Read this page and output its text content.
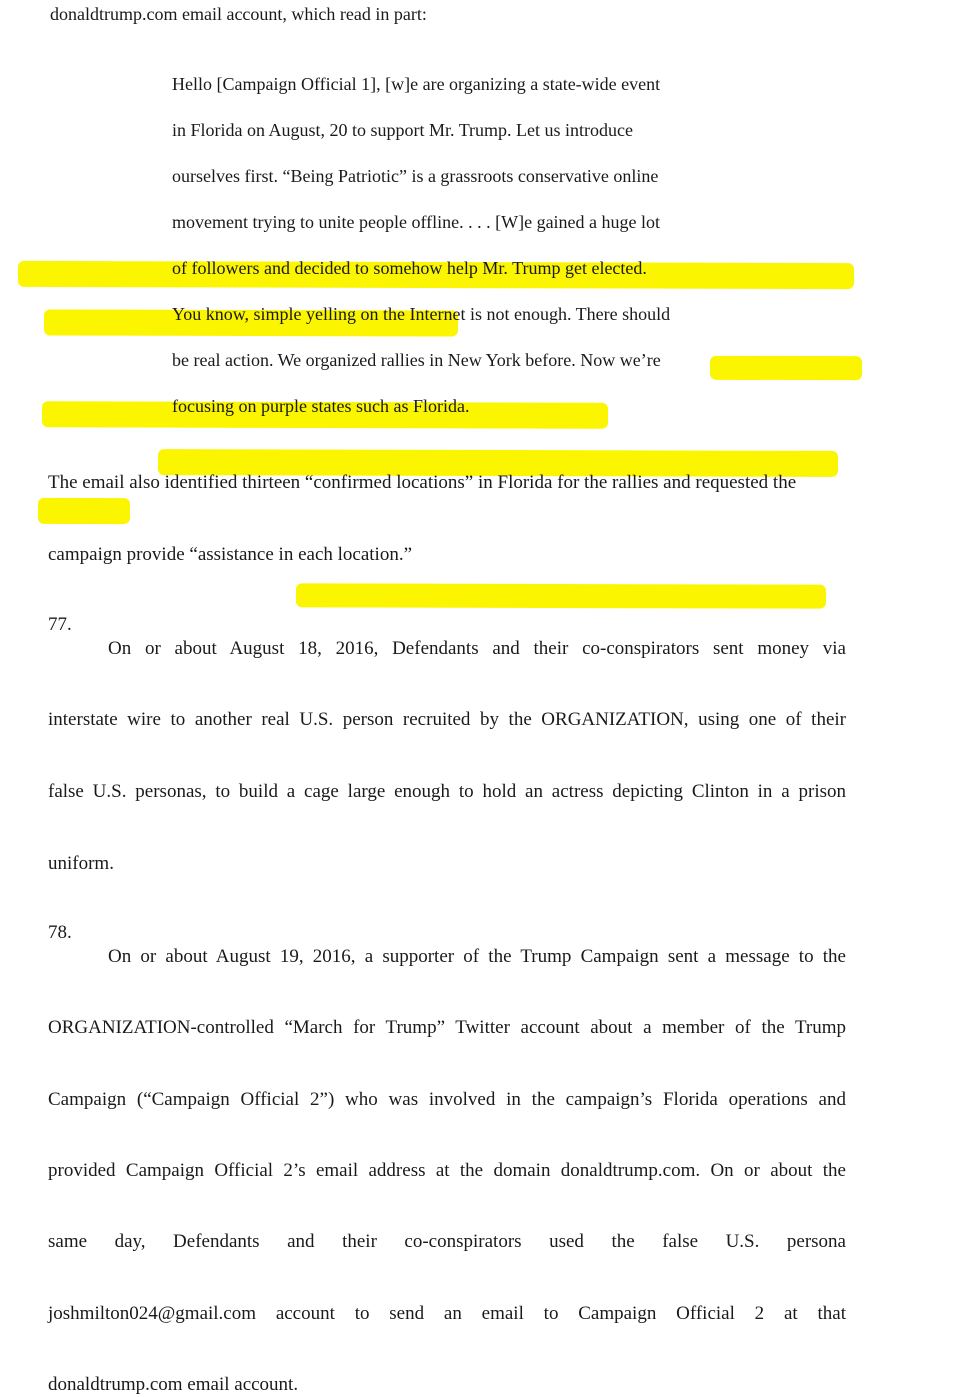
donaldtrump.com email account, which read in part:
Hello [Campaign Official 1], [w]e are organizing a state-wide event
in Florida on August, 20 to support Mr. Trump. Let us introduce
ourselves first. “Being Patriotic” is a grassroots conservative online
movement trying to unite people offline. . . . [W]e gained a huge lot
of followers and decided to somehow help Mr. Trump get elected.
You know, simple yelling on the Internet is not enough. There should
be real action. We organized rallies in New York before. Now we’re
focusing on purple states such as Florida.
The email also identified thirteen “confirmed locations” in Florida for the rallies and requested the
campaign provide “assistance in each location.”
77.
On or about August 18, 2016, Defendants and their co-conspirators sent money via
interstate wire to another real U.S. person recruited by the ORGANIZATION, using one of their
false U.S. personas, to build a cage large enough to hold an actress depicting Clinton in a prison
uniform.
78.
On or about August 19, 2016, a supporter of the Trump Campaign sent a message to the
ORGANIZATION-controlled “March for Trump” Twitter account about a member of the Trump
Campaign (“Campaign Official 2”) who was involved in the campaign’s Florida operations and
provided Campaign Official 2’s email address at the domain donaldtrump.com. On or about the
same day, Defendants and their co-conspirators used the false U.S. persona
joshmilton024@gmail.com account to send an email to Campaign Official 2 at that
donaldtrump.com email account.
